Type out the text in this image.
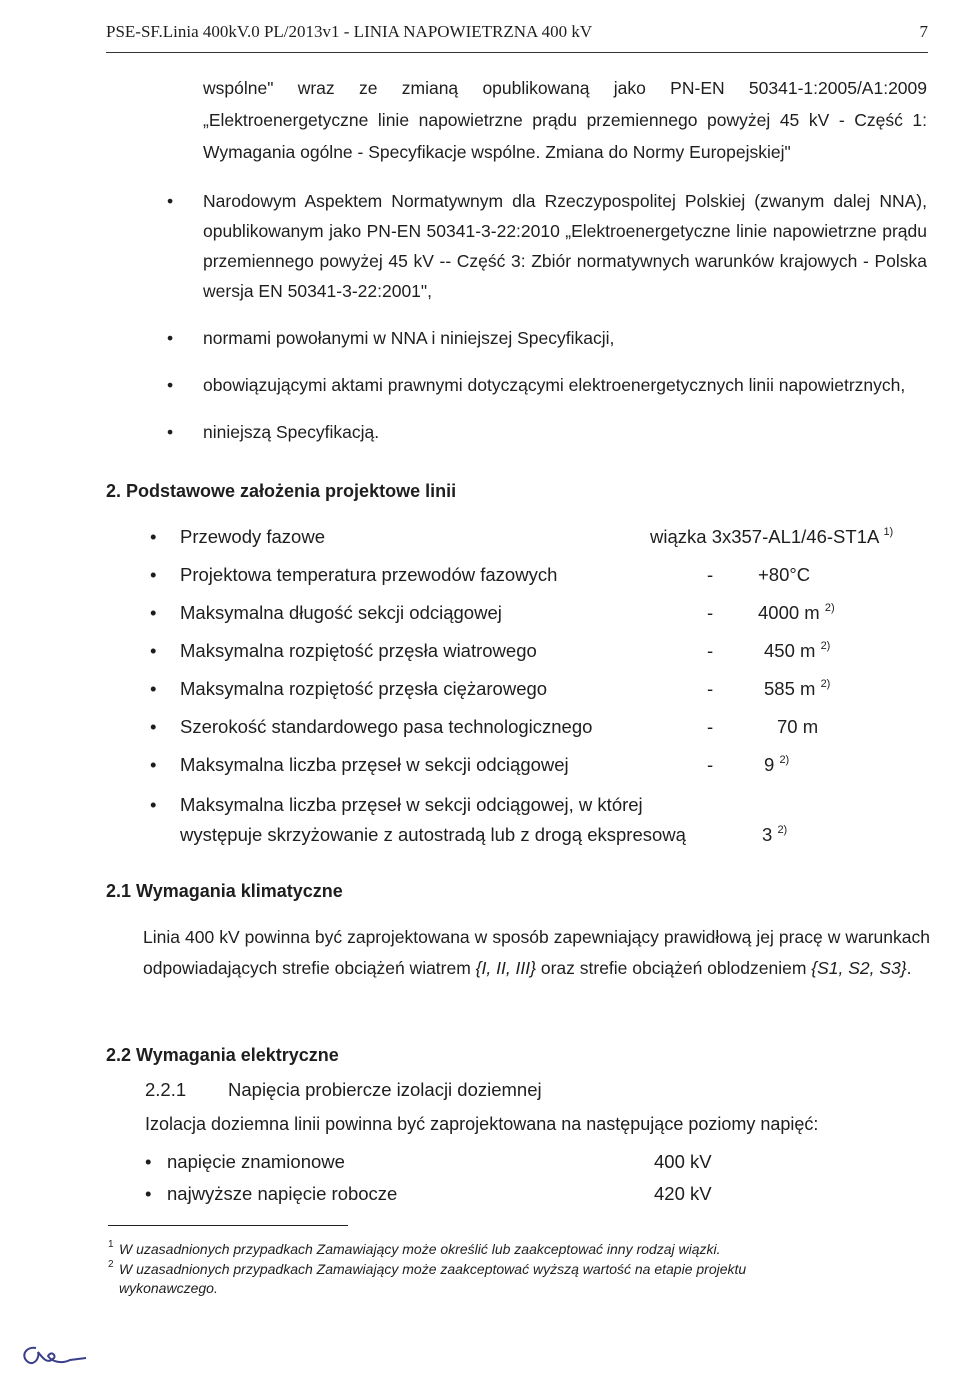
PSE-SF.Linia 400kV.0 PL/2013v1 - LINIA NAPOWIETRZNA 400 kV	7
wspólne" wraz ze zmianą opublikowaną jako PN-EN 50341-1:2005/A1:2009 „Elektroenergetyczne linie napowietrzne prądu przemiennego powyżej 45 kV - Część 1: Wymagania ogólne - Specyfikacje wspólne. Zmiana do Normy Europejskiej"
• Narodowym Aspektem Normatywnym dla Rzeczypospolitej Polskiej (zwanym dalej NNA), opublikowanym jako PN-EN 50341-3-22:2010 „Elektroenergetyczne linie napowietrzne prądu przemiennego powyżej 45 kV -- Część 3: Zbiór normatywnych warunków krajowych - Polska wersja EN 50341-3-22:2001",
• normami powołanymi w NNA i niniejszej Specyfikacji,
• obowiązującymi aktami prawnymi dotyczącymi elektroenergetycznych linii napowietrznych,
• niniejszą Specyfikacją.
2. Podstawowe założenia projektowe linii
• Przewody fazowe	wiązka 3x357-AL1/46-ST1A $^{1)}$
• Projektowa temperatura przewodów fazowych	- +80°C
• Maksymalna długość sekcji odciągowej	- 4000 m $^{2)}$
• Maksymalna rozpiętość przęsła wiatrowego	-	450 m $^{2)}$
• Maksymalna rozpiętość przęsła ciężarowego	-	585 m $^{2)}$
• Szerokość standardowego pasa technologicznego	-	70 m
• Maksymalna liczba przęseł w sekcji odciągowej	-	9 $^{2)}$
• Maksymalna liczba przęseł w sekcji odciągowej, w której
występuje skrzyżowanie z autostradą lub z drogą ekspresową	3 $^{2)}$
2.1 Wymagania klimatyczne
Linia 400 kV powinna być zaprojektowana w sposób zapewniający prawidłową jej pracę w warunkach odpowiadających strefie obciążeń wiatrem {I, II, III} oraz strefie obciążeń oblodzeniem {S1, S2, S3}.
2.2 Wymagania elektryczne
2.2.1 Napięcia probiercze izolacji doziemnej
Izolacja doziemna linii powinna być zaprojektowana na następujące poziomy napięć:
• napięcie znamionowe	400 kV
• najwyższe napięcie robocze	420 kV
1 W uzasadnionych przypadkach Zamawiający może określić lub zaakceptować inny rodzaj wiązki.
2 W uzasadnionych przypadkach Zamawiający może zaakceptować wyższą wartość na etapie projektu wykonawczego.
